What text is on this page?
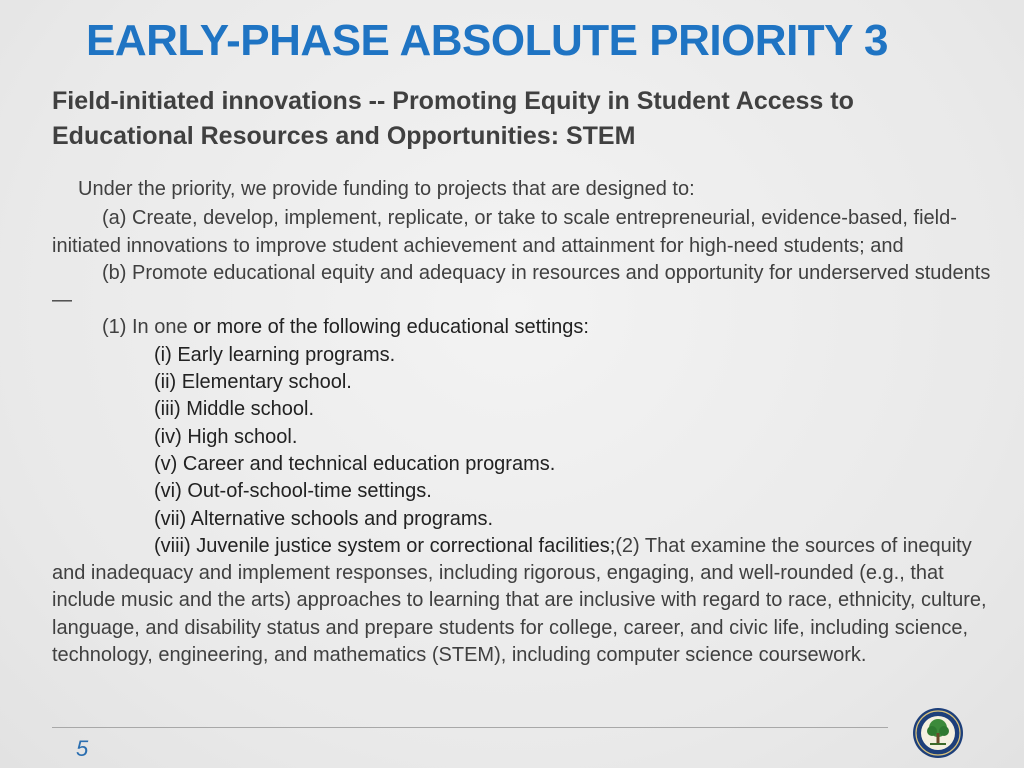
EARLY-PHASE ABSOLUTE PRIORITY 3
Field-initiated innovations -- Promoting Equity in Student Access to Educational Resources and Opportunities: STEM

Under the priority, we provide funding to projects that are designed to:

(a) Create, develop, implement, replicate, or take to scale entrepreneurial, evidence-based, field-initiated innovations to improve student achievement and attainment for high-need students; and

(b) Promote educational equity and adequacy in resources and opportunity for underserved students—

(1) In one or more of the following educational settings:

(i) Early learning programs.

(ii) Elementary school.

(iii) Middle school.

(iv) High school.

(v) Career and technical education programs.

(vi) Out-of-school-time settings.

(vii) Alternative schools and programs.

(viii) Juvenile justice system or correctional facilities;(2) That examine the sources of inequity and inadequacy and implement responses, including rigorous, engaging, and well-rounded (e.g., that include music and the arts) approaches to learning that are inclusive with regard to race, ethnicity, culture, language, and disability status and prepare students for college, career, and civic life, including science, technology, engineering, and mathematics (STEM), including computer science coursework.

5
